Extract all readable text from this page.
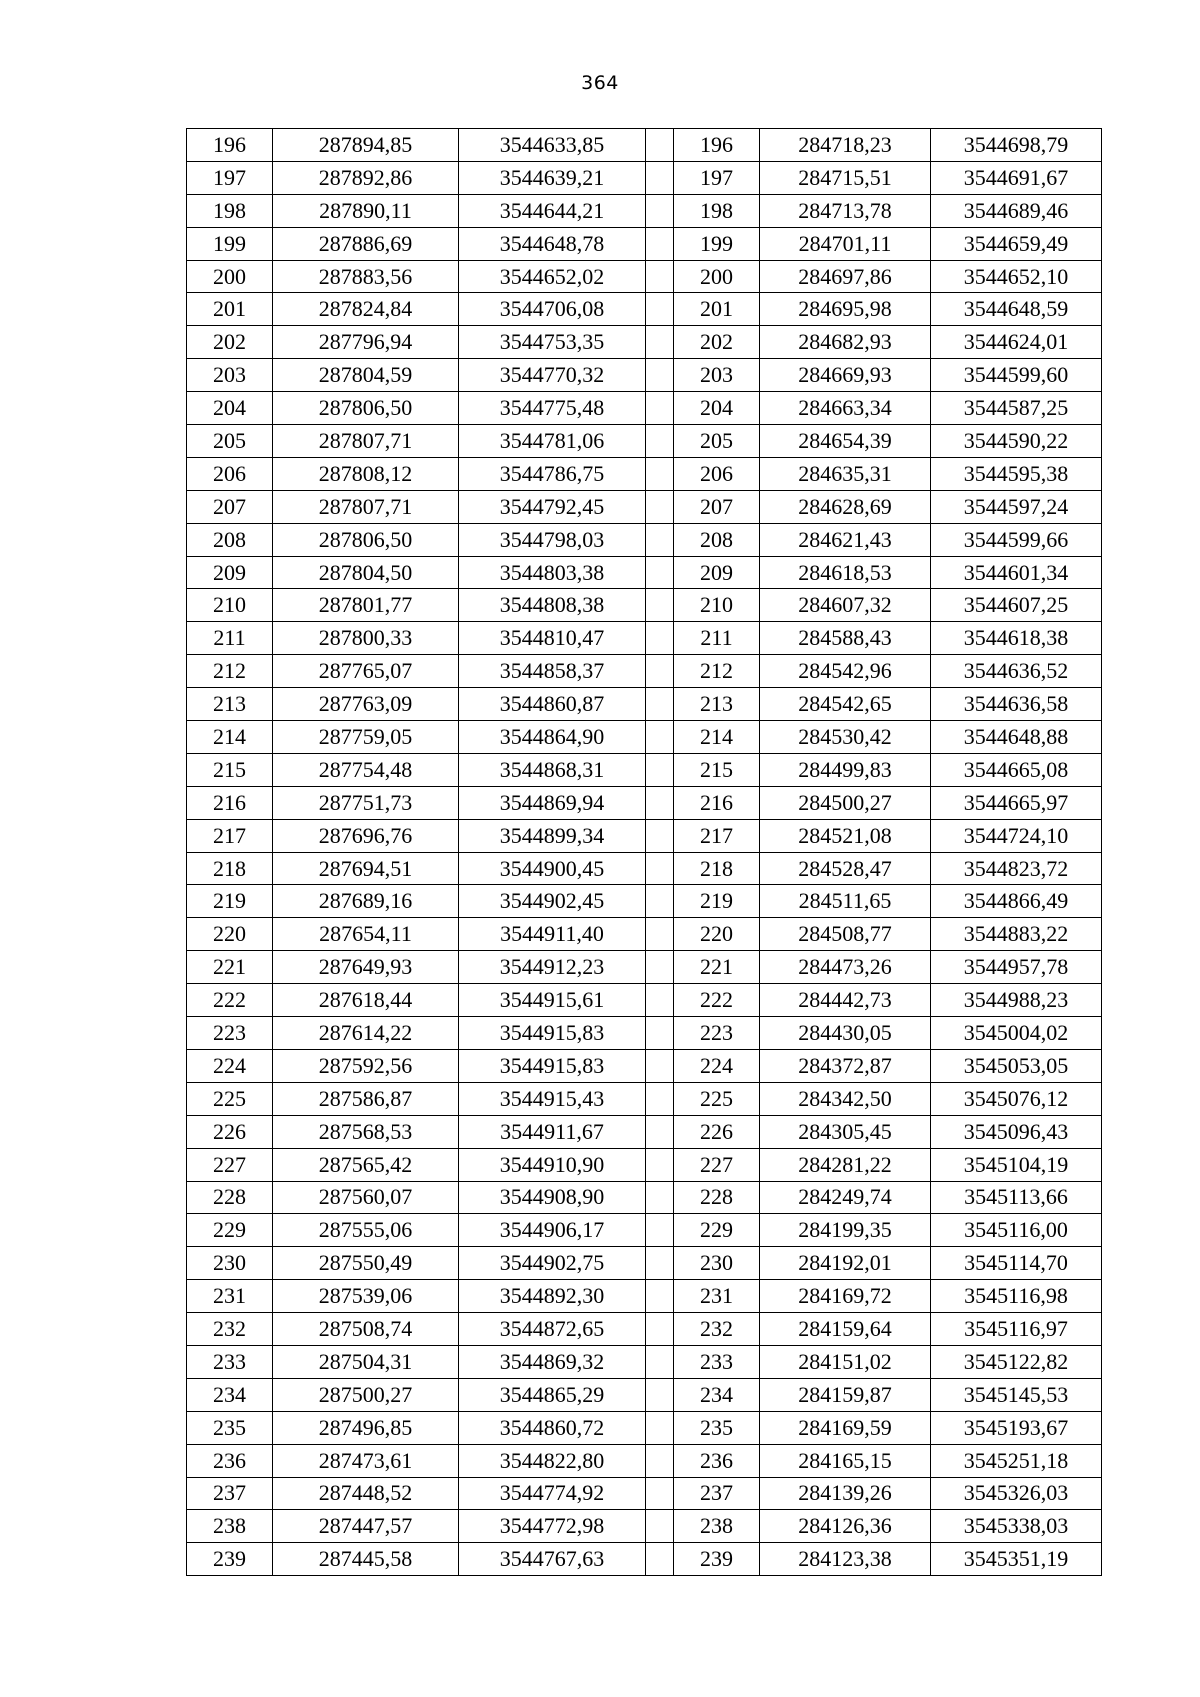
364
196	287894,85	3544633,85		196	284718,23	3544698,79
197	287892,86	3544639,21		197	284715,51	3544691,67
198	287890,11	3544644,21		198	284713,78	3544689,46
199	287886,69	3544648,78		199	284701,11	3544659,49
200	287883,56	3544652,02		200	284697,86	3544652,10
201	287824,84	3544706,08		201	284695,98	3544648,59
202	287796,94	3544753,35		202	284682,93	3544624,01
203	287804,59	3544770,32		203	284669,93	3544599,60
204	287806,50	3544775,48		204	284663,34	3544587,25
205	287807,71	3544781,06		205	284654,39	3544590,22
206	287808,12	3544786,75		206	284635,31	3544595,38
207	287807,71	3544792,45		207	284628,69	3544597,24
208	287806,50	3544798,03		208	284621,43	3544599,66
209	287804,50	3544803,38		209	284618,53	3544601,34
210	287801,77	3544808,38		210	284607,32	3544607,25
211	287800,33	3544810,47		211	284588,43	3544618,38
212	287765,07	3544858,37		212	284542,96	3544636,52
213	287763,09	3544860,87		213	284542,65	3544636,58
214	287759,05	3544864,90		214	284530,42	3544648,88
215	287754,48	3544868,31		215	284499,83	3544665,08
216	287751,73	3544869,94		216	284500,27	3544665,97
217	287696,76	3544899,34		217	284521,08	3544724,10
218	287694,51	3544900,45		218	284528,47	3544823,72
219	287689,16	3544902,45		219	284511,65	3544866,49
220	287654,11	3544911,40		220	284508,77	3544883,22
221	287649,93	3544912,23		221	284473,26	3544957,78
222	287618,44	3544915,61		222	284442,73	3544988,23
223	287614,22	3544915,83		223	284430,05	3545004,02
224	287592,56	3544915,83		224	284372,87	3545053,05
225	287586,87	3544915,43		225	284342,50	3545076,12
226	287568,53	3544911,67		226	284305,45	3545096,43
227	287565,42	3544910,90		227	284281,22	3545104,19
228	287560,07	3544908,90		228	284249,74	3545113,66
229	287555,06	3544906,17		229	284199,35	3545116,00
230	287550,49	3544902,75		230	284192,01	3545114,70
231	287539,06	3544892,30		231	284169,72	3545116,98
232	287508,74	3544872,65		232	284159,64	3545116,97
233	287504,31	3544869,32		233	284151,02	3545122,82
234	287500,27	3544865,29		234	284159,87	3545145,53
235	287496,85	3544860,72		235	284169,59	3545193,67
236	287473,61	3544822,80		236	284165,15	3545251,18
237	287448,52	3544774,92		237	284139,26	3545326,03
238	287447,57	3544772,98		238	284126,36	3545338,03
239	287445,58	3544767,63		239	284123,38	3545351,19
